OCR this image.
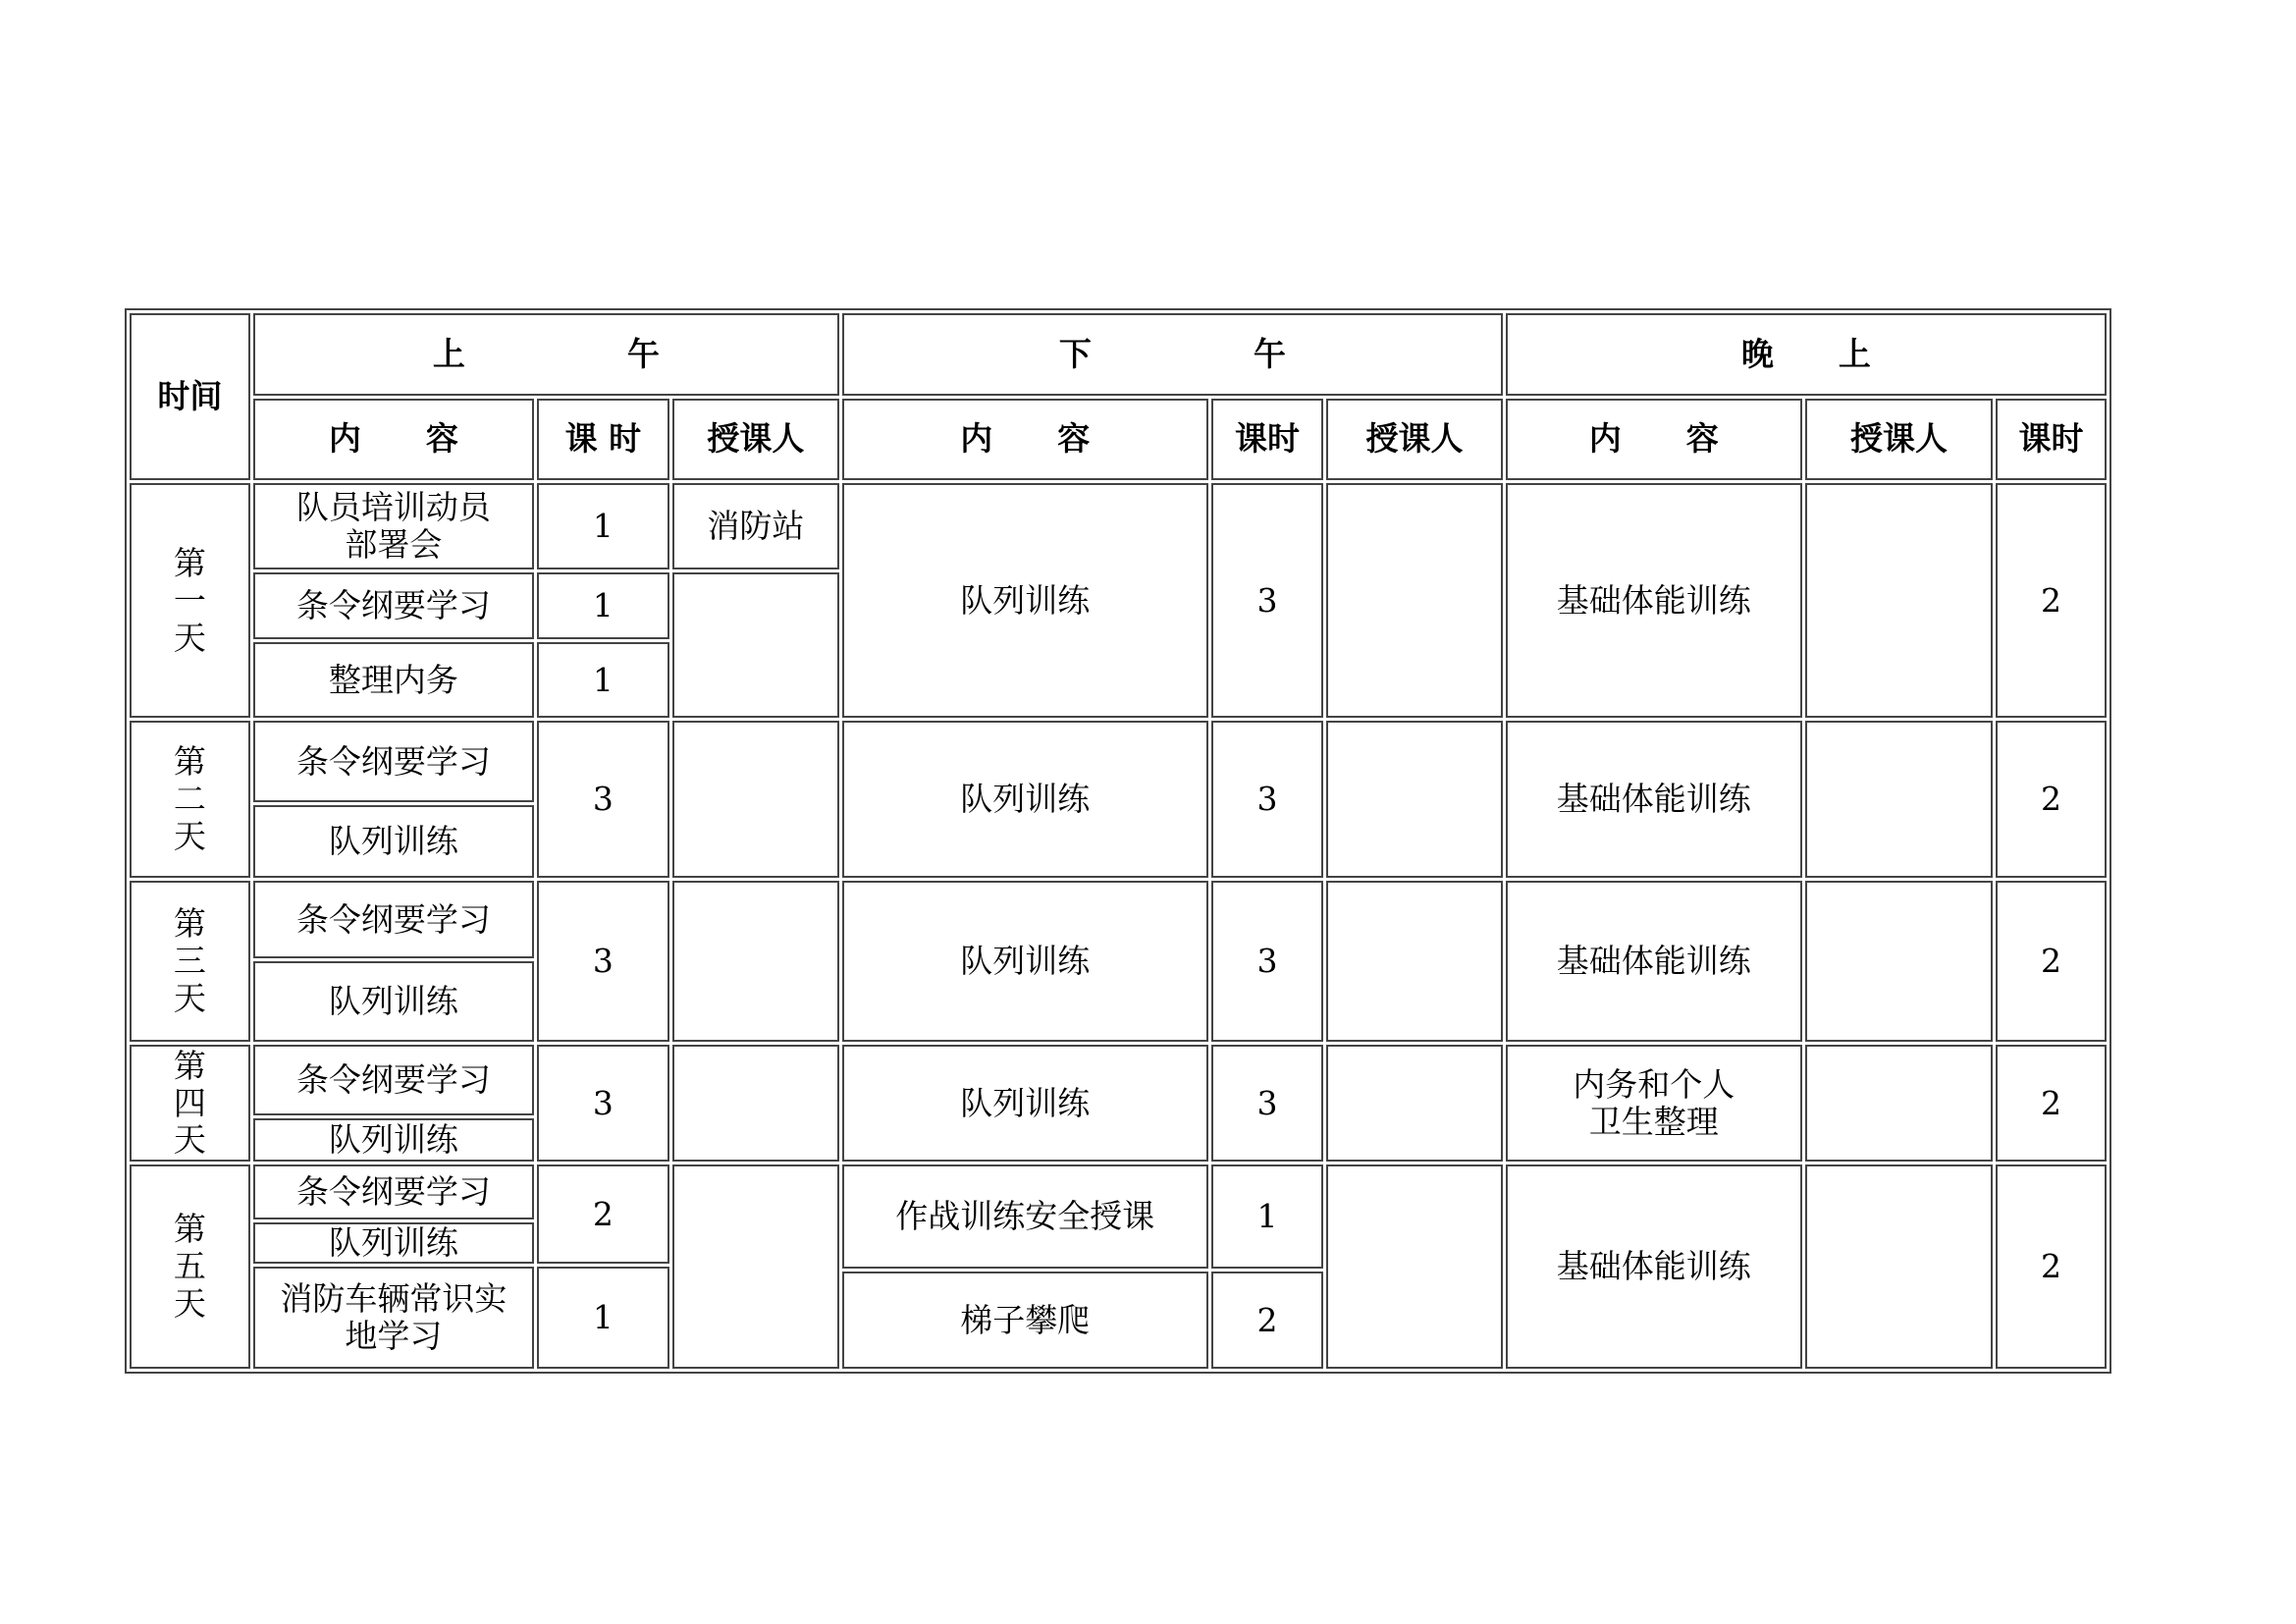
时间	上　　　　　午			下　　　　　午			晚　　上		
	内　　容	课 时	授课人	内　　容	课时	授课人	内　　容	授课人	课时

第
一
天	队员培训动员
部署会	1	消防站	队列训练	3		基础体能训练		2
	条令纲要学习	1							
	整理内务	1							

第
二
天	条令纲要学习	3		队列训练	3		基础体能训练		2
	队列训练								

第
三
天	条令纲要学习	3		队列训练	3		基础体能训练		2
	队列训练								

第
四
天	条令纲要学习	3		队列训练	3		内务和个人
卫生整理		2
	队列训练								

第
五
天	条令纲要学习	2		作战训练安全授课	1		基础体能训练		2
	队列训练								
	消防车辆常识实
地学习	1							
				梯子攀爬	2				
